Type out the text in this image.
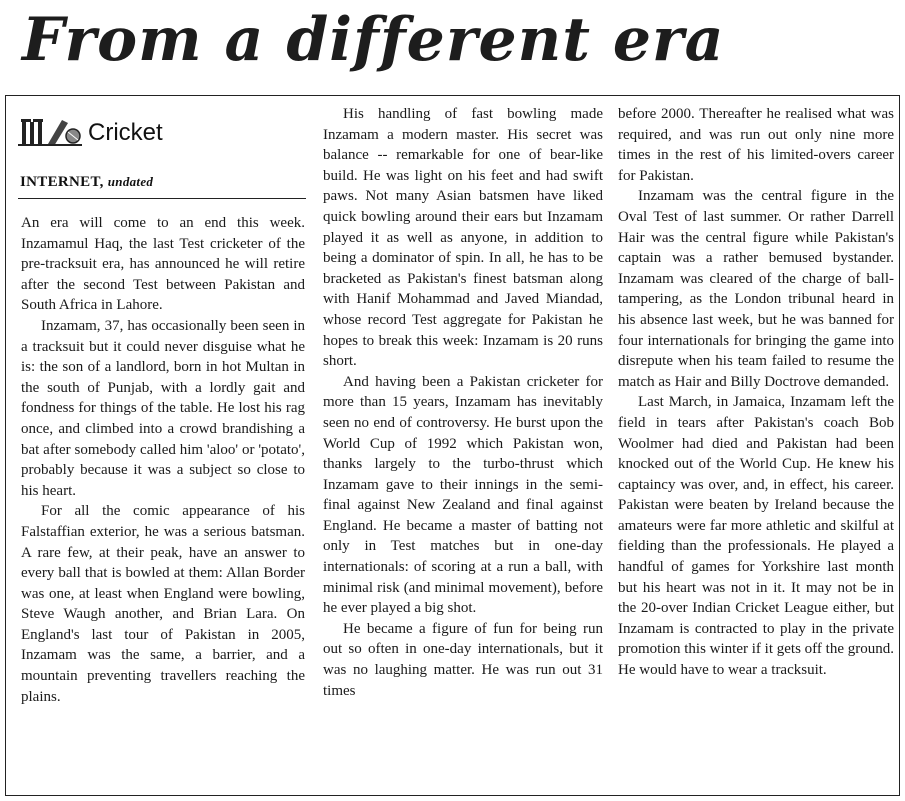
From a different era
Cricket
INTERNET, undated

An era will come to an end this week. Inzamamul Haq, the last Test cricketer of the pre-tracksuit era, has announced he will retire after the second Test between Pakistan and South Africa in Lahore.

Inzamam, 37, has occasionally been seen in a tracksuit but it could never disguise what he is: the son of a landlord, born in hot Multan in the south of Punjab, with a lordly gait and fondness for things of the table. He lost his rag once, and climbed into a crowd brandishing a bat after somebody called him 'aloo' or 'potato', probably because it was a subject so close to his heart.

For all the comic appearance of his Falstaffian exterior, he was a serious batsman. A rare few, at their peak, have an answer to every ball that is bowled at them: Allan Border was one, at least when England were bowling, Steve Waugh another, and Brian Lara. On England's last tour of Pakistan in 2005, Inzamam was the same, a barrier, and a mountain preventing travellers reaching the plains.

His handling of fast bowling made Inzamam a modern master. His secret was balance -- remarkable for one of bear-like build. He was light on his feet and had swift paws. Not many Asian batsmen have liked quick bowling around their ears but Inzamam played it as well as anyone, in addition to being a dominator of spin. In all, he has to be bracketed as Pakistan's finest batsman along with Hanif Mohammad and Javed Miandad, whose record Test aggregate for Pakistan he hopes to break this week: Inzamam is 20 runs short.

And having been a Pakistan cricketer for more than 15 years, Inzamam has inevitably seen no end of controversy. He burst upon the World Cup of 1992 which Pakistan won, thanks largely to the turbo-thrust which Inzamam gave to their innings in the semi-final against New Zealand and final against England. He became a master of batting not only in Test matches but in one-day internationals: of scoring at a run a ball, with minimal risk (and minimal movement), before he ever played a big shot.

He became a figure of fun for being run out so often in one-day internationals, but it was no laughing matter. He was run out 31 times

before 2000. Thereafter he realised what was required, and was run out only nine more times in the rest of his limited-overs career for Pakistan.

Inzamam was the central figure in the Oval Test of last summer. Or rather Darrell Hair was the central figure while Pakistan's captain was a rather bemused bystander. Inzamam was cleared of the charge of ball-tampering, as the London tribunal heard in his absence last week, but he was banned for four internationals for bringing the game into disrepute when his team failed to resume the match as Hair and Billy Doctrove demanded.

Last March, in Jamaica, Inzamam left the field in tears after Pakistan's coach Bob Woolmer had died and Pakistan had been knocked out of the World Cup. He knew his captaincy was over, and, in effect, his career. Pakistan were beaten by Ireland because the amateurs were far more athletic and skilful at fielding than the professionals. He played a handful of games for Yorkshire last month but his heart was not in it. It may not be in the 20-over Indian Cricket League either, but Inzamam is contracted to play in the private promotion this winter if it gets off the ground. He would have to wear a tracksuit.
